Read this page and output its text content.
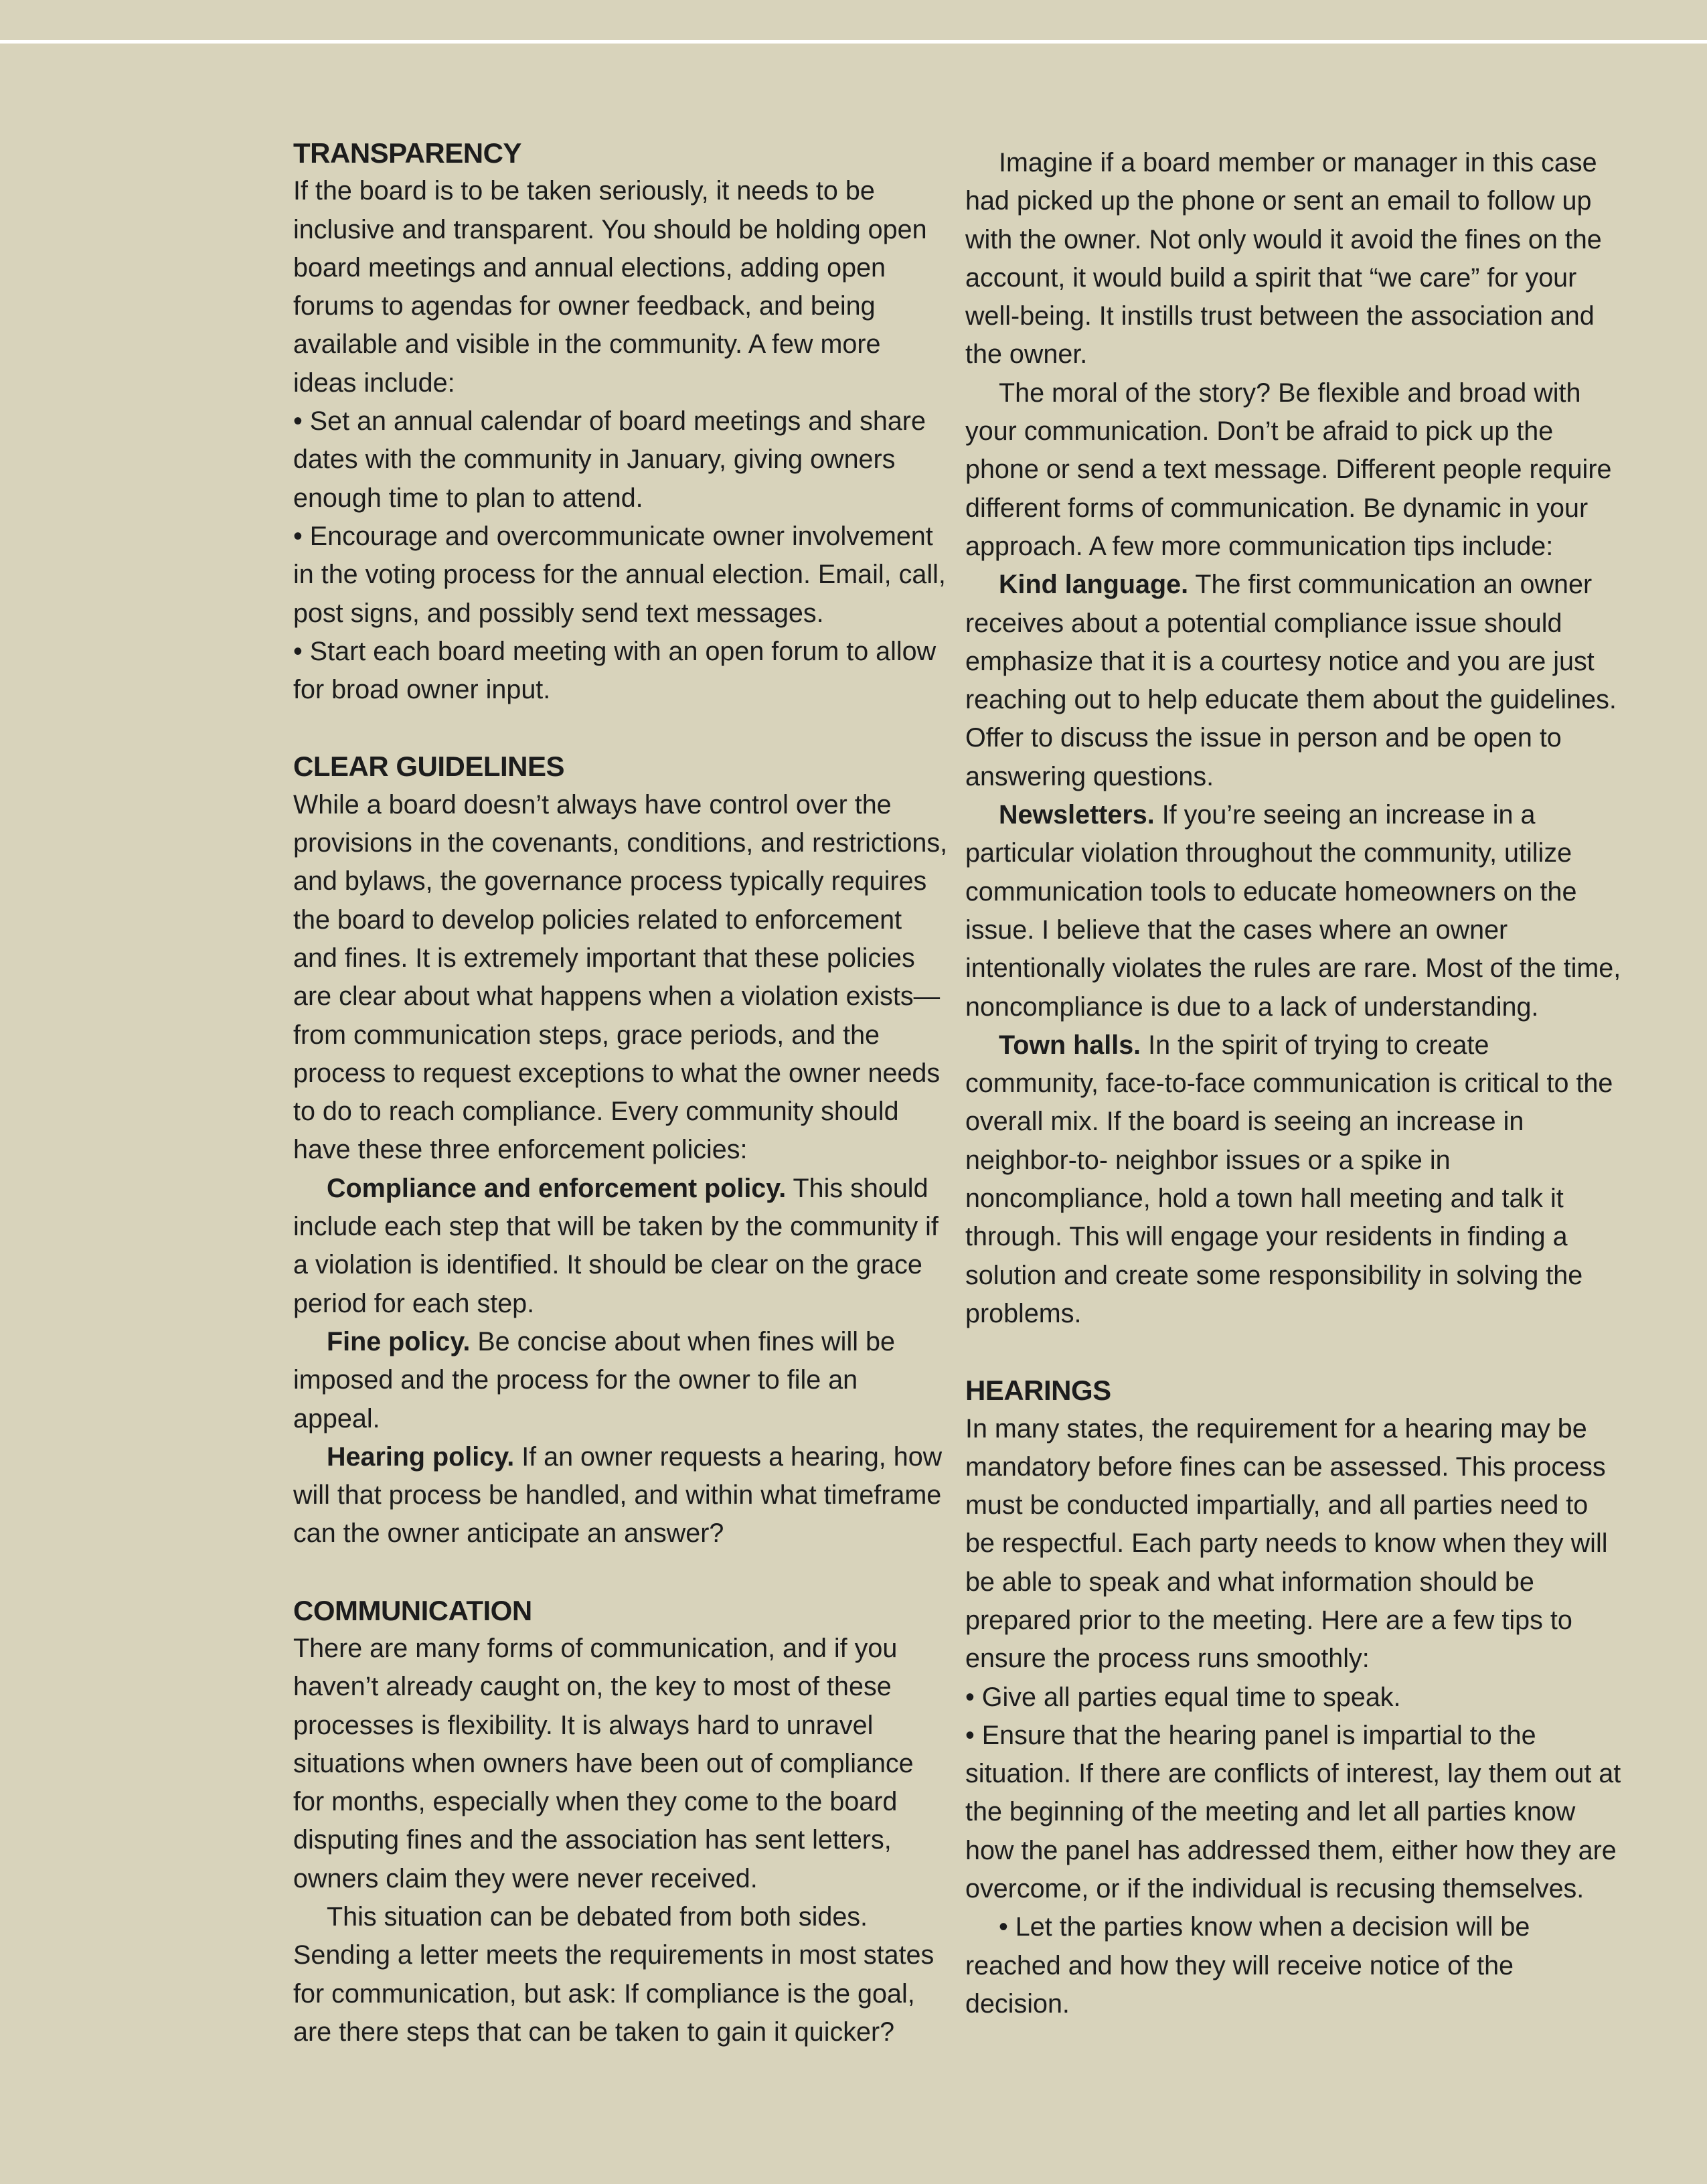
TRANSPARENCY

If the board is to be taken seriously, it needs to be inclusive and transparent. You should be holding open board meetings and annual elections, adding open forums to agendas for owner feedback, and being available and visible in the community. A few more ideas include:

• Set an annual calendar of board meetings and share dates with the community in January, giving owners enough time to plan to attend.

• Encourage and overcommunicate owner involvement in the voting process for the annual election. Email, call, post signs, and possibly send text messages.

• Start each board meeting with an open forum to allow for broad owner input.

CLEAR GUIDELINES

While a board doesn’t always have control over the provisions in the covenants, conditions, and restrictions, and bylaws, the governance process typically requires the board to develop policies related to enforcement and fines. It is extremely important that these policies are clear about what happens when a violation exists—from communication steps, grace periods, and the process to request exceptions to what the owner needs to do to reach compliance. Every community should have these three enforcement policies:

Compliance and enforcement policy. This should include each step that will be taken by the community if a violation is identified. It should be clear on the grace period for each step.

Fine policy. Be concise about when fines will be imposed and the process for the owner to file an appeal.

Hearing policy. If an owner requests a hearing, how will that process be handled, and within what timeframe can the owner anticipate an answer?

COMMUNICATION

There are many forms of communication, and if you haven’t already caught on, the key to most of these processes is flexibility. It is always hard to unravel situations when owners have been out of compliance for months, especially when they come to the board disputing fines and the association has sent letters, owners claim they were never received.

This situation can be debated from both sides. Sending a letter meets the requirements in most states for communication, but ask: If compliance is the goal, are there steps that can be taken to gain it quicker?

Imagine if a board member or manager in this case had picked up the phone or sent an email to follow up with the owner. Not only would it avoid the fines on the account, it would build a spirit that “we care” for your well-being. It instills trust between the association and the owner.

The moral of the story? Be flexible and broad with your communication. Don’t be afraid to pick up the phone or send a text message. Different people require different forms of communication. Be dynamic in your approach. A few more communication tips include:

Kind language. The first communication an owner receives about a potential compliance issue should emphasize that it is a courtesy notice and you are just reaching out to help educate them about the guidelines. Offer to discuss the issue in person and be open to answering questions.

Newsletters. If you’re seeing an increase in a particular violation throughout the community, utilize communication tools to educate homeowners on the issue. I believe that the cases where an owner intentionally violates the rules are rare. Most of the time, noncompliance is due to a lack of understanding.

Town halls. In the spirit of trying to create community, face-to-face communication is critical to the overall mix. If the board is seeing an increase in neighbor-to- neighbor issues or a spike in noncompliance, hold a town hall meeting and talk it through. This will engage your residents in finding a solution and create some responsibility in solving the problems.

HEARINGS

In many states, the requirement for a hearing may be mandatory before fines can be assessed. This process must be conducted impartially, and all parties need to be respectful. Each party needs to know when they will be able to speak and what information should be prepared prior to the meeting. Here are a few tips to ensure the process runs smoothly:

• Give all parties equal time to speak.

• Ensure that the hearing panel is impartial to the situation. If there are conflicts of interest, lay them out at the beginning of the meeting and let all parties know how the panel has addressed them, either how they are overcome, or if the individual is recusing themselves.

• Let the parties know when a decision will be reached and how they will receive notice of the decision.
